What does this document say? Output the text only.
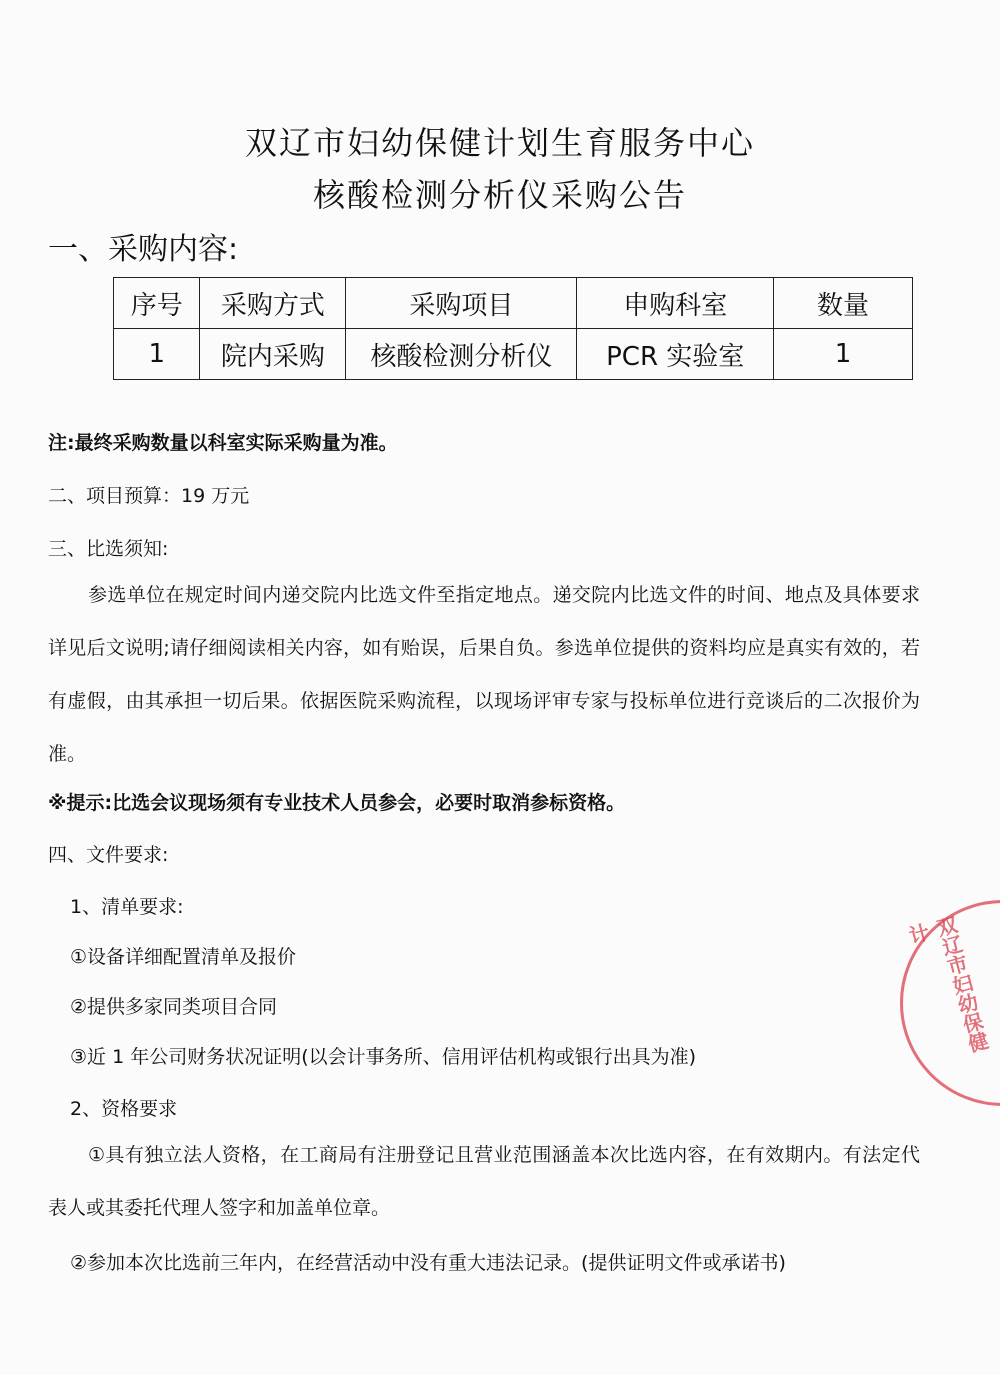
双辽市妇幼保健计划生育服务中心
核酸检测分析仪采购公告
一、采购内容:
序号	采购方式	采购项目	申购科室	数量
1	院内采购	核酸检测分析仪	PCR 实验室	1
注:最终采购数量以科室实际采购量为准。
二、项目预算：19 万元
三、比选须知:
参选单位在规定时间内递交院内比选文件至指定地点。递交院内比选文件的时间、地点及具体要求详见后文说明;请仔细阅读相关内容，如有贻误，后果自负。参选单位提供的资料均应是真实有效的，若有虚假，由其承担一切后果。依据医院采购流程，以现场评审专家与投标单位进行竞谈后的二次报价为准。
※提示:比选会议现场须有专业技术人员参会，必要时取消参标资格。
四、文件要求:
1、清单要求:
①设备详细配置清单及报价
②提供多家同类项目合同
③近 1 年公司财务状况证明(以会计事务所、信用评估机构或银行出具为准)
2、资格要求
①具有独立法人资格，在工商局有注册登记且营业范围涵盖本次比选内容，在有效期内。有法定代表人或其委托代理人签字和加盖单位章。
②参加本次比选前三年内，在经营活动中没有重大违法记录。(提供证明文件或承诺书)
双辽市妇幼保健计
